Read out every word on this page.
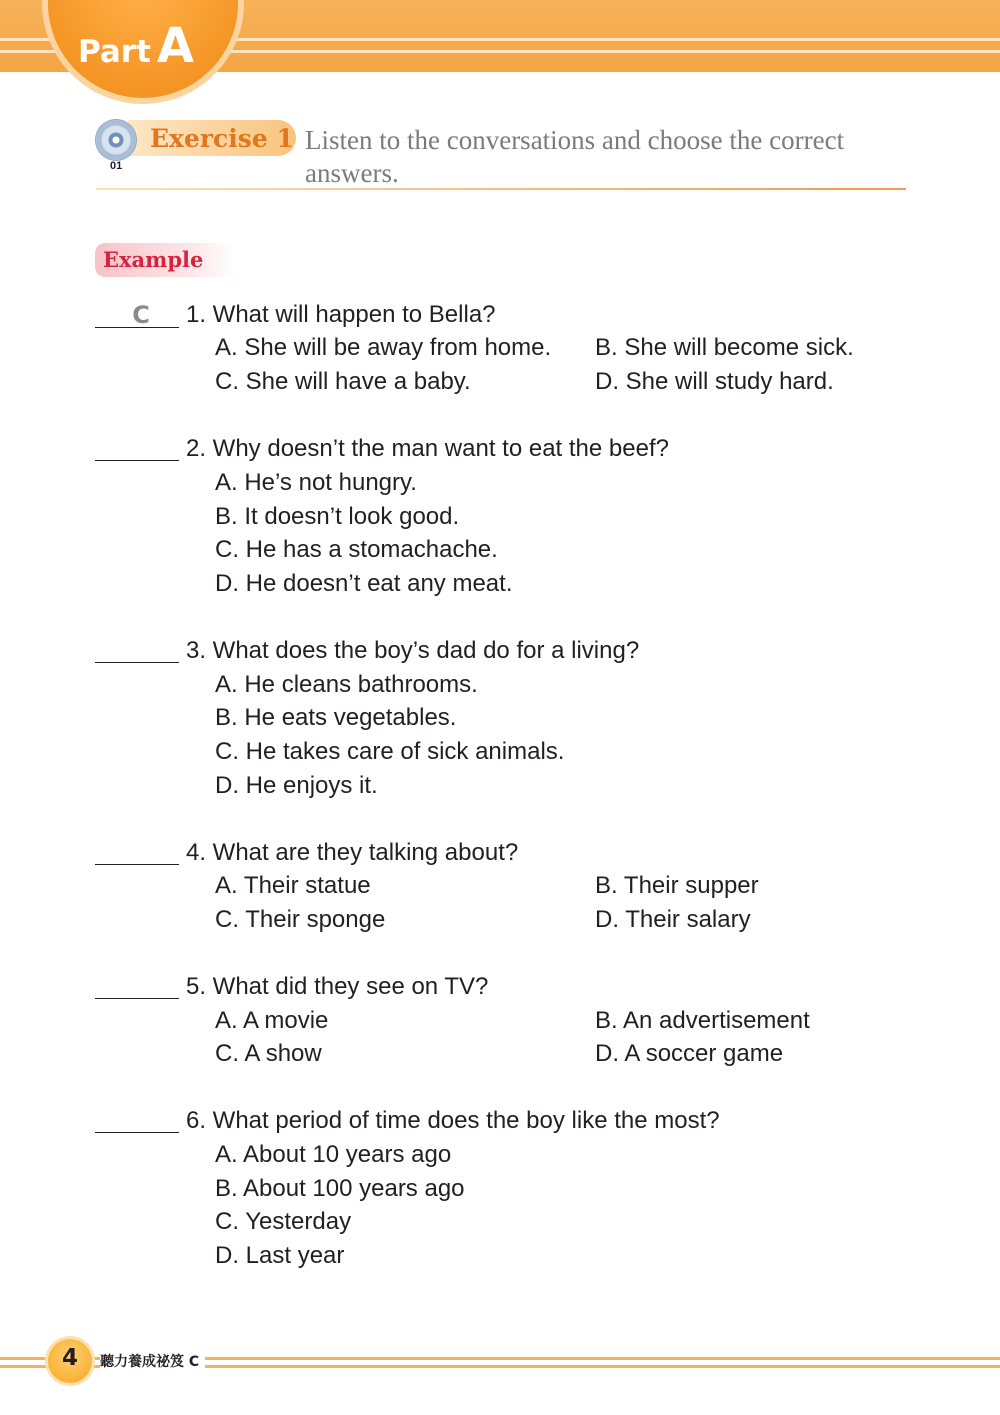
Part A
01
Exercise 1 Listen to the conversations and choose the correct answers.
Example
C	1. What will happen to Bella?
A. She will be away from home. B. She will become sick.
C. She will have a baby.	D. She will study hard.
2. Why doesn’t the man want to eat the beef?
A. He’s not hungry.
B. It doesn’t look good.
C. He has a stomachache.
D. He doesn’t eat any meat.
3. What does the boy’s dad do for a living?
A. He cleans bathrooms.
B. He eats vegetables.
C. He takes care of sick animals.
D. He enjoys it.
4. What are they talking about?
A. Their statue	B. Their supper
C. Their sponge	D. Their salary
5. What did they see on TV?
A. A movie	B. An advertisement
C. A show	D. A soccer game
6. What period of time does the boy like the most?
A. About 10 years ago
B. About 100 years ago
C. Yesterday
D. Last year
4	聽力養成祕笈 C
